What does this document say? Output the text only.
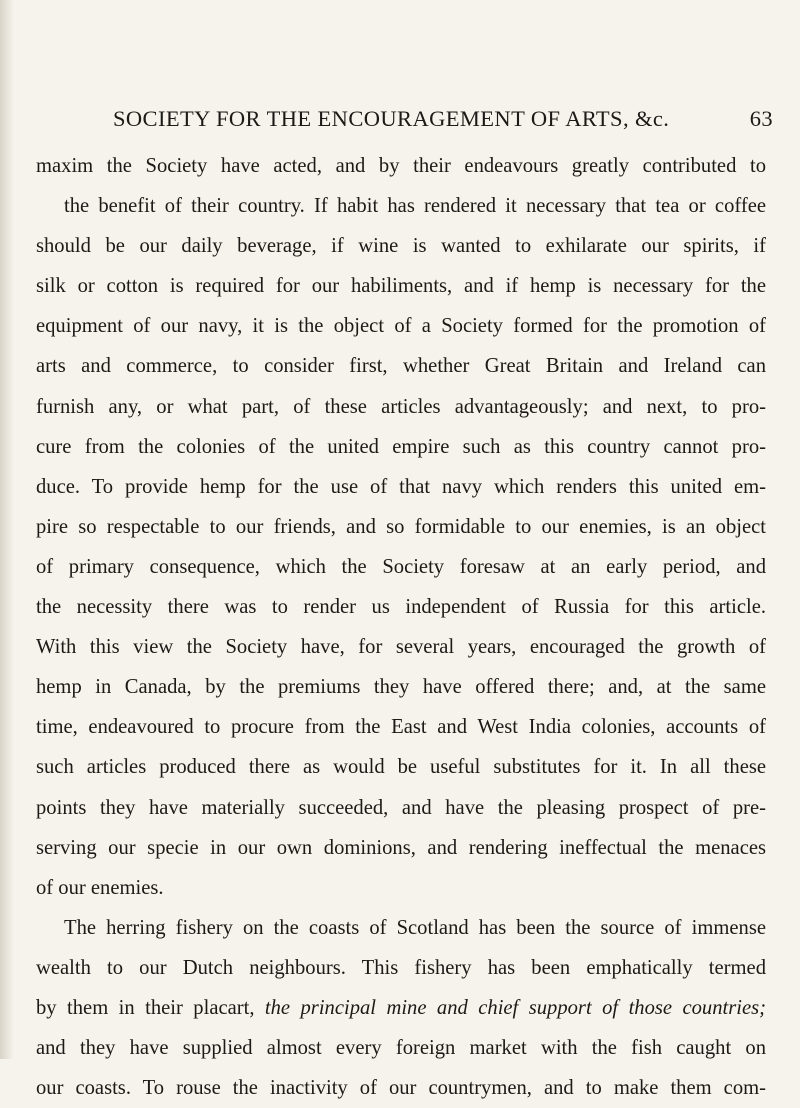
SOCIETY FOR THE ENCOURAGEMENT OF ARTS, &c.	63
maxim the Society have acted, and by their endeavours greatly contributed to
the benefit of their country. If habit has rendered it necessary that tea or coffee
should be our daily beverage, if wine is wanted to exhilarate our spirits, if
silk or cotton is required for our habiliments, and if hemp is necessary for the
equipment of our navy, it is the object of a Society formed for the promotion of
arts and commerce, to consider first, whether Great Britain and Ireland can
furnish any, or what part, of these articles advantageously; and next, to pro-
cure from the colonies of the united empire such as this country cannot pro-
duce. To provide hemp for the use of that navy which renders this united em-
pire so respectable to our friends, and so formidable to our enemies, is an object
of primary consequence, which the Society foresaw at an early period, and
the necessity there was to render us independent of Russia for this article.
With this view the Society have, for several years, encouraged the growth of
hemp in Canada, by the premiums they have offered there; and, at the same
time, endeavoured to procure from the East and West India colonies, accounts of
such articles produced there as would be useful substitutes for it. In all these
points they have materially succeeded, and have the pleasing prospect of pre-
serving our specie in our own dominions, and rendering ineffectual the menaces
of our enemies.
The herring fishery on the coasts of Scotland has been the source of immense
wealth to our Dutch neighbours. This fishery has been emphatically termed
by them in their placart, the principal mine and chief support of those countries;
and they have supplied almost every foreign market with the fish caught on
our coasts. To rouse the inactivity of our countrymen, and to make them com-
